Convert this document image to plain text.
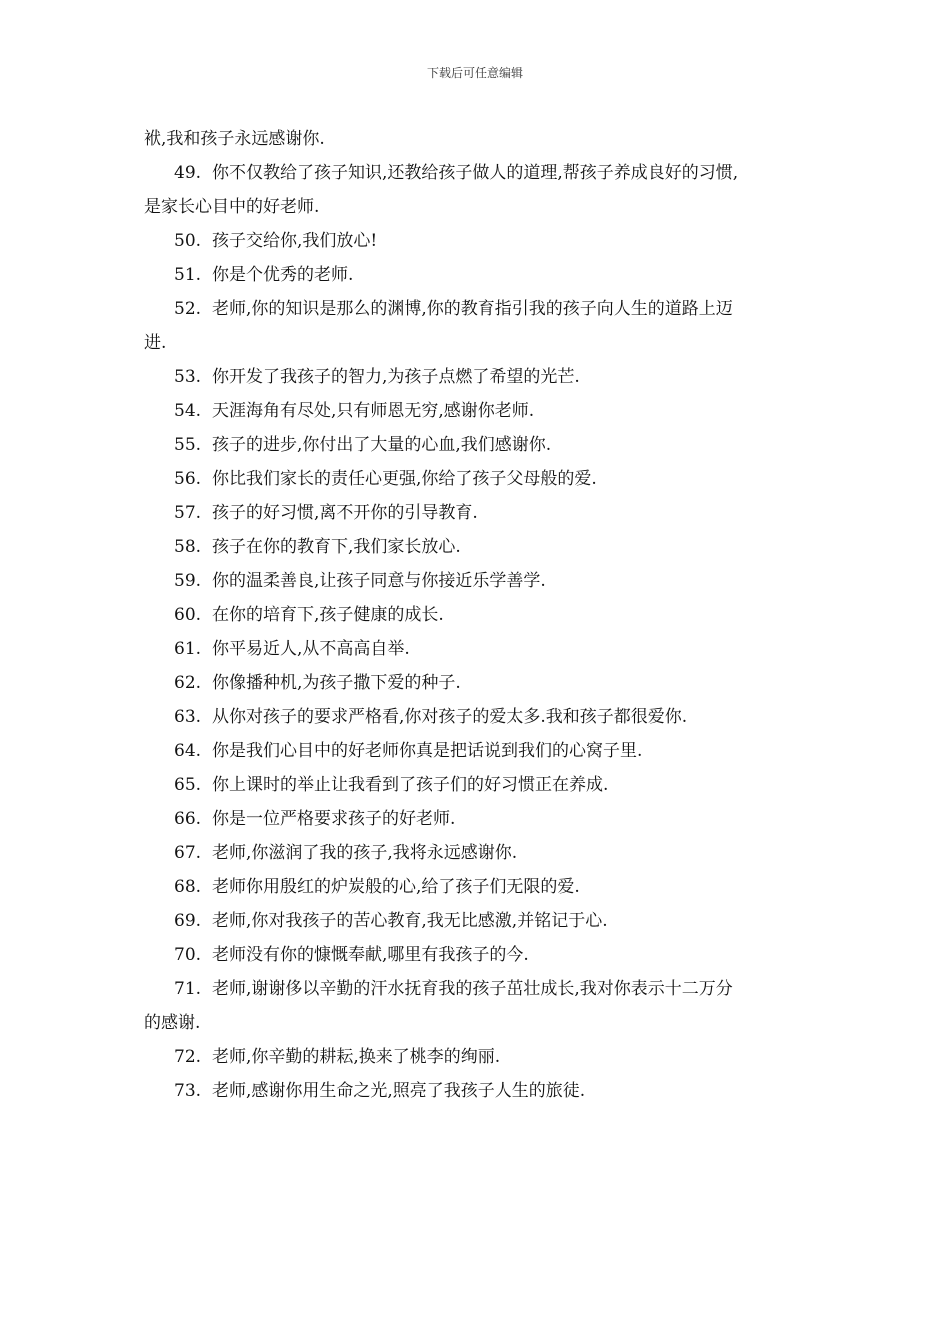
下载后可任意编辑
袱,我和孩子永远感谢你.
49. 你不仅教给了孩子知识,还教给孩子做人的道理,帮孩子养成良好的习惯,
是家长心目中的好老师.
50. 孩子交给你,我们放心!
51. 你是个优秀的老师.
52. 老师,你的知识是那么的渊博,你的教育指引我的孩子向人生的道路上迈
进.
53. 你开发了我孩子的智力,为孩子点燃了希望的光芒.
54. 天涯海角有尽处,只有师恩无穷,感谢你老师.
55. 孩子的进步,你付出了大量的心血,我们感谢你.
56. 你比我们家长的责任心更强,你给了孩子父母般的爱.
57. 孩子的好习惯,离不开你的引导教育.
58. 孩子在你的教育下,我们家长放心.
59. 你的温柔善良,让孩子同意与你接近乐学善学.
60. 在你的培育下,孩子健康的成长.
61. 你平易近人,从不高高自举.
62. 你像播种机,为孩子撒下爱的种子.
63. 从你对孩子的要求严格看,你对孩子的爱太多.我和孩子都很爱你.
64. 你是我们心目中的好老师你真是把话说到我们的心窝子里.
65. 你上课时的举止让我看到了孩子们的好习惯正在养成.
66. 你是一位严格要求孩子的好老师.
67. 老师,你滋润了我的孩子,我将永远感谢你.
68. 老师你用殷红的炉炭般的心,给了孩子们无限的爱.
69. 老师,你对我孩子的苦心教育,我无比感激,并铭记于心.
70. 老师没有你的慷慨奉献,哪里有我孩子的今.
71. 老师,谢谢侈以辛勤的汗水抚育我的孩子茁壮成长,我对你表示十二万分
的感谢.
72. 老师,你辛勤的耕耘,换来了桃李的绚丽.
73. 老师,感谢你用生命之光,照亮了我孩子人生的旅徒.
